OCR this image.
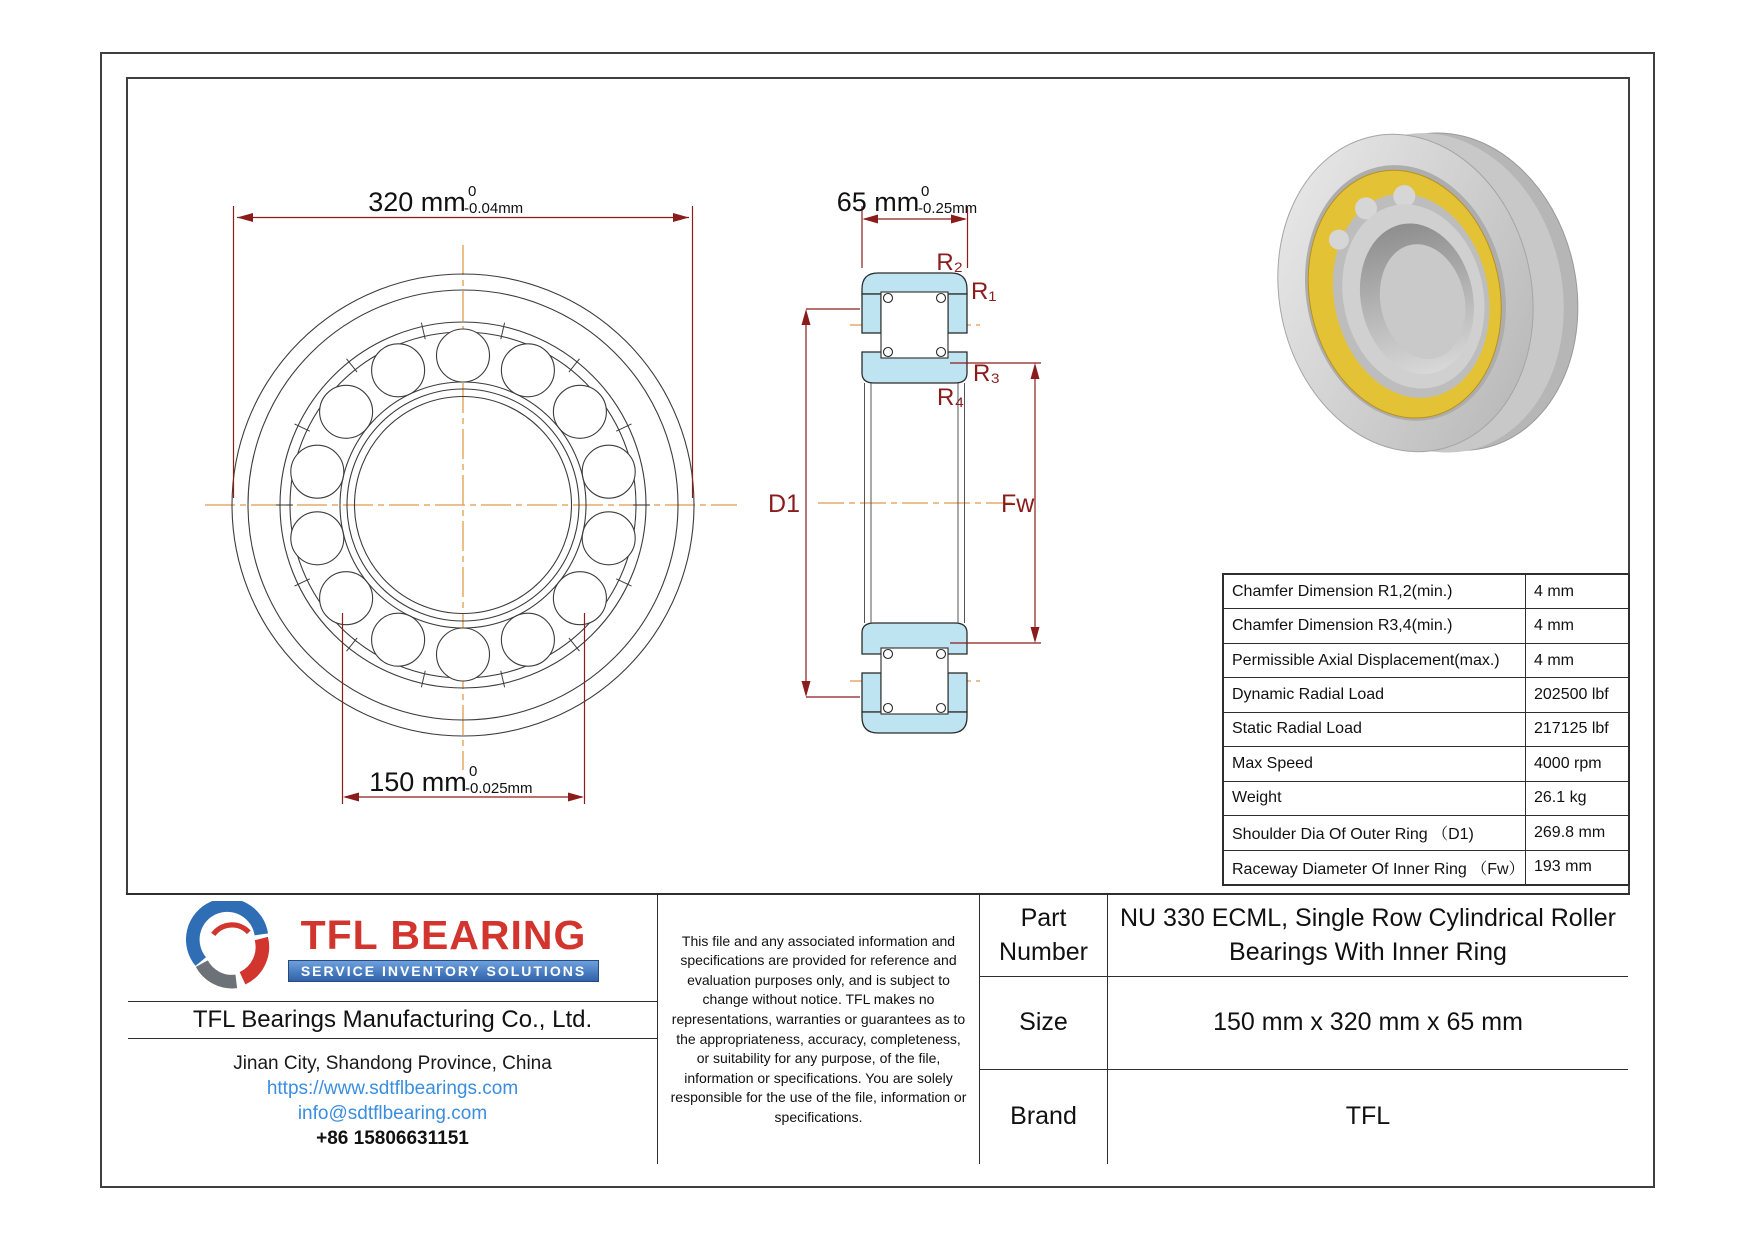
320 mm 0
-0.04mm
150 mm 0
-0.025mm
65 mm 0
-0.25mm
D1	Fw
R₂
R₁
R₃
R₄
Chamfer Dimension R1,2(min.)	4 mm
Chamfer Dimension R3,4(min.)	4 mm
Permissible Axial Displacement(max.)	4 mm
Dynamic Radial Load	202500 lbf
Static Radial Load	217125 lbf
Max Speed	4000 rpm
Weight	26.1 kg
Shoulder Dia Of Outer Ring （D1)	269.8 mm
Raceway Diameter Of Inner Ring （Fw） 193 mm
TFL BEARING
SERVICE INVENTORY SOLUTIONS
TFL Bearings Manufacturing Co., Ltd.
Jinan City, Shandong Province, China
https://www.sdtflbearings.com
info@sdtflbearing.com
+86 15806631151
This file and any associated information and specifications are provided for reference and evaluation purposes only, and is subject to change without notice. TFL makes no representations, warranties or guarantees as to the appropriateness, accuracy, completeness, or suitability for any purpose, of the file, information or specifications. You are solely responsible for the use of the file, information or specifications.
Part Number
NU 330 ECML, Single Row Cylindrical Roller Bearings With Inner Ring
Size	150 mm x 320 mm x 65 mm
Brand	TFL
